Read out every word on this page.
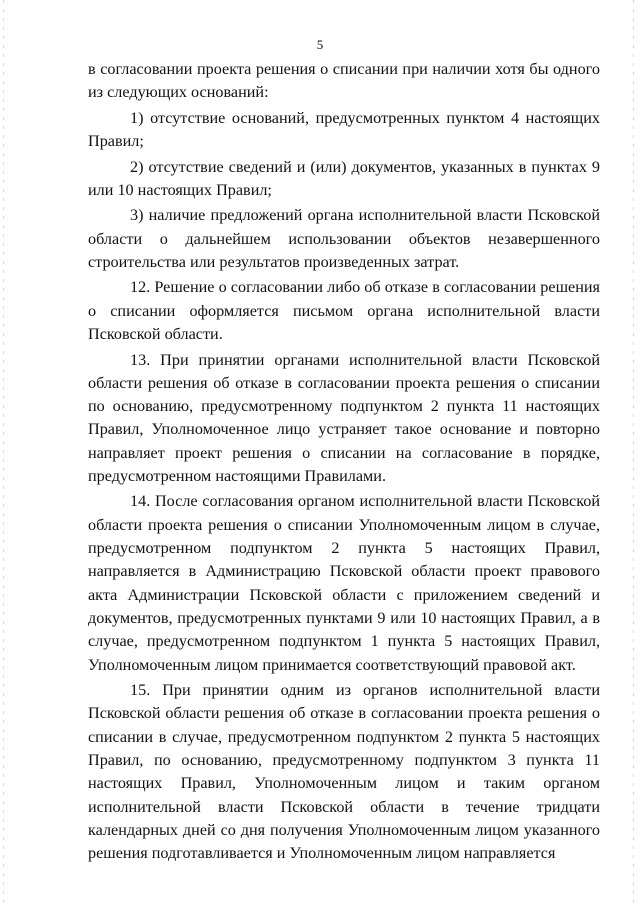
5

в согласовании проекта решения о списании при наличии хотя бы одного из следующих оснований:

1) отсутствие оснований, предусмотренных пунктом 4 настоящих Правил;

2) отсутствие сведений и (или) документов, указанных в пунктах 9 или 10 настоящих Правил;

3) наличие предложений органа исполнительной власти Псковской области о дальнейшем использовании объектов незавершенного строительства или результатов произведенных затрат.

12. Решение о согласовании либо об отказе в согласовании решения о списании оформляется письмом органа исполнительной власти Псковской области.

13. При принятии органами исполнительной власти Псковской области решения об отказе в согласовании проекта решения о списании по основанию, предусмотренному подпунктом 2 пункта 11 настоящих Правил, Уполномоченное лицо устраняет такое основание и повторно направляет проект решения о списании на согласование в порядке, предусмотренном настоящими Правилами.

14. После согласования органом исполнительной власти Псковской области проекта решения о списании Уполномоченным лицом в случае, предусмотренном подпунктом 2 пункта 5 настоящих Правил, направляется в Администрацию Псковской области проект правового акта Администрации Псковской области с приложением сведений и документов, предусмотренных пунктами 9 или 10 настоящих Правил, а в случае, предусмотренном подпунктом 1 пункта 5 настоящих Правил, Уполномоченным лицом принимается соответствующий правовой акт.

15. При принятии одним из органов исполнительной власти Псковской области решения об отказе в согласовании проекта решения о списании в случае, предусмотренном подпунктом 2 пункта 5 настоящих Правил, по основанию, предусмотренному подпунктом 3 пункта 11 настоящих Правил, Уполномоченным лицом и таким органом исполнительной власти Псковской области в течение тридцати календарных дней со дня получения Уполномоченным лицом указанного решения подготавливается и Уполномоченным лицом направляется
